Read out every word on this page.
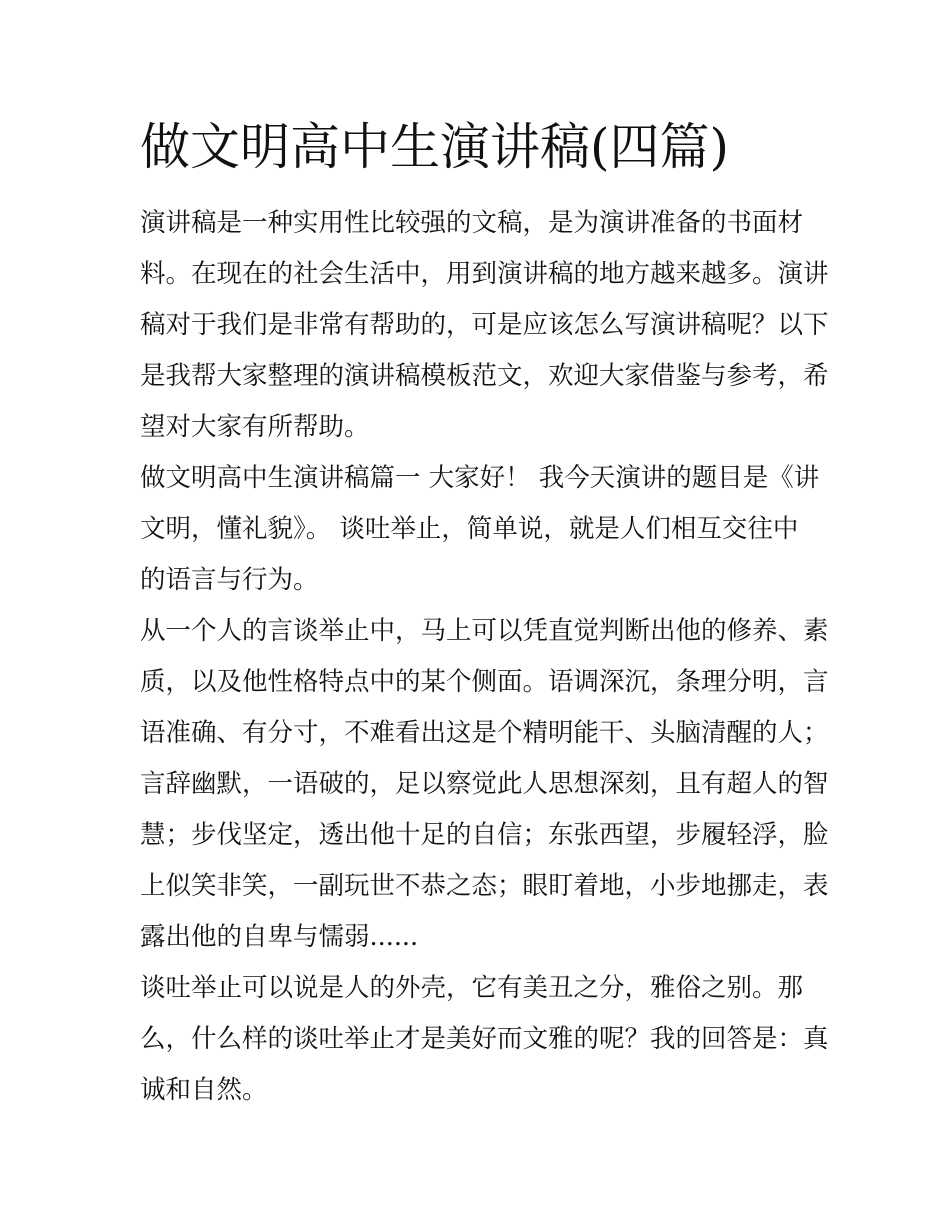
做文明高中生演讲稿(四篇)
演讲稿是一种实用性比较强的文稿，是为演讲准备的书面材
料。在现在的社会生活中，用到演讲稿的地方越来越多。演讲
稿对于我们是非常有帮助的，可是应该怎么写演讲稿呢？以下
是我帮大家整理的演讲稿模板范文，欢迎大家借鉴与参考，希
望对大家有所帮助。
做文明高中生演讲稿篇一 大家好！ 我今天演讲的题目是《讲
文明，懂礼貌》。 谈吐举止，简单说，就是人们相互交往中
的语言与行为。
从一个人的言谈举止中，马上可以凭直觉判断出他的修养、素
质，以及他性格特点中的某个侧面。语调深沉，条理分明，言
语准确、有分寸，不难看出这是个精明能干、头脑清醒的人；
言辞幽默，一语破的，足以察觉此人思想深刻，且有超人的智
慧；步伐坚定，透出他十足的自信；东张西望，步履轻浮，脸
上似笑非笑，一副玩世不恭之态；眼盯着地，小步地挪走，表
露出他的自卑与懦弱......
谈吐举止可以说是人的外壳，它有美丑之分，雅俗之别。那
么，什么样的谈吐举止才是美好而文雅的呢？我的回答是：真
诚和自然。
